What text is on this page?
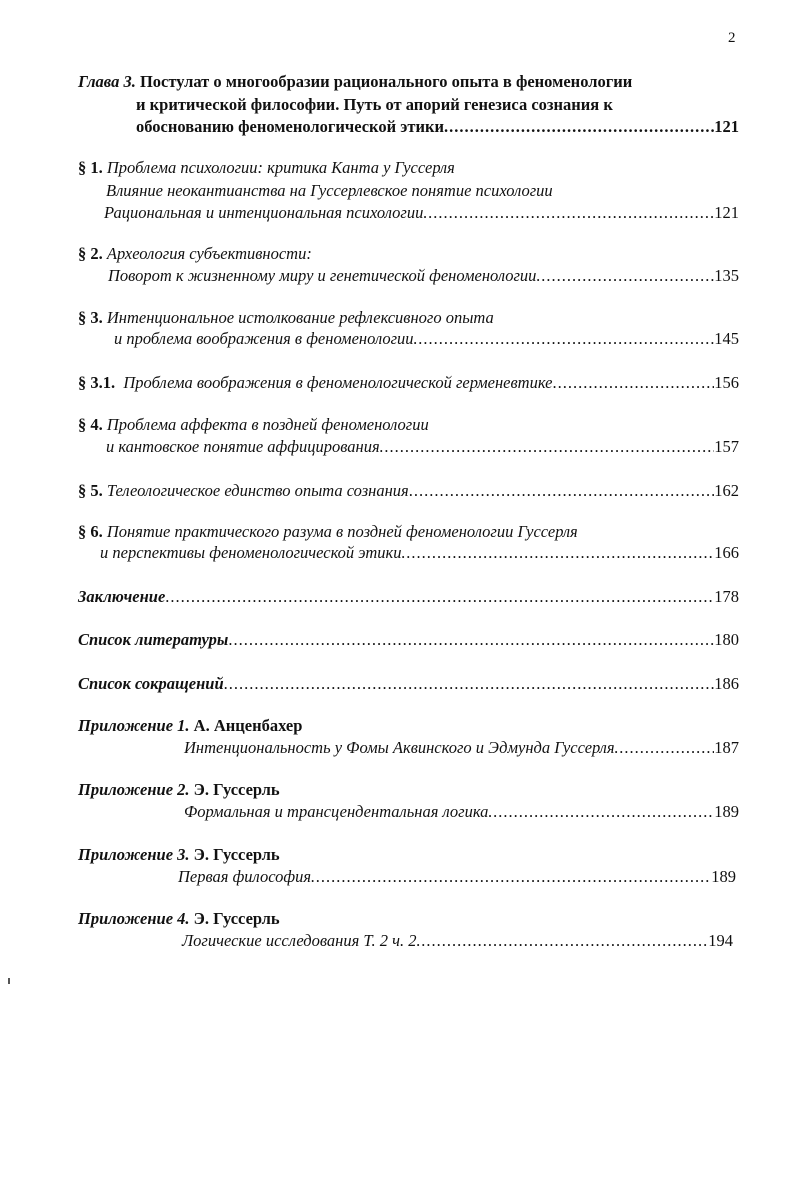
2
Глава 3. Постулат о многообразии рационального опыта в феноменологии
и критической философии. Путь от апорий генезиса сознания к
обоснованию феноменологической этики .....	121
§ 1. Проблема психологии: критика Канта у Гуссерля
Влияние неокантианства на Гуссерлевское понятие психологии
Рациональная и интенциональная психологии .....	121
§ 2. Археология субъективности:
Поворот к жизненному миру и генетической феноменологии .....	135
§ 3. Интенциональное истолкование рефлексивного опыта
и проблема воображения в феноменологии .....	145
§ 3.1. Проблема воображения в феноменологической герменевтике .....	156
§ 4. Проблема аффекта в поздней феноменологии
и кантовское понятие аффицирования .....	157
§ 5. Телеологическое единство опыта сознания .....	162
§ 6. Понятие практического разума в поздней феноменологии Гуссерля
и перспективы феноменологической этики .....	166
Заключение .....	178
Список литературы .....	180
Список сокращений .....	186
Приложение 1. А. Анценбахер
Интенциональность у Фомы Аквинского и Эдмунда Гуссерля .....	187
Приложение 2. Э. Гуссерль
Формальная и трансцендентальная логика .....	189
Приложение 3. Э. Гуссерль
Первая философия .....	189
Приложение 4. Э. Гуссерль
Логические исследования Т. 2 ч. 2 .....	194
